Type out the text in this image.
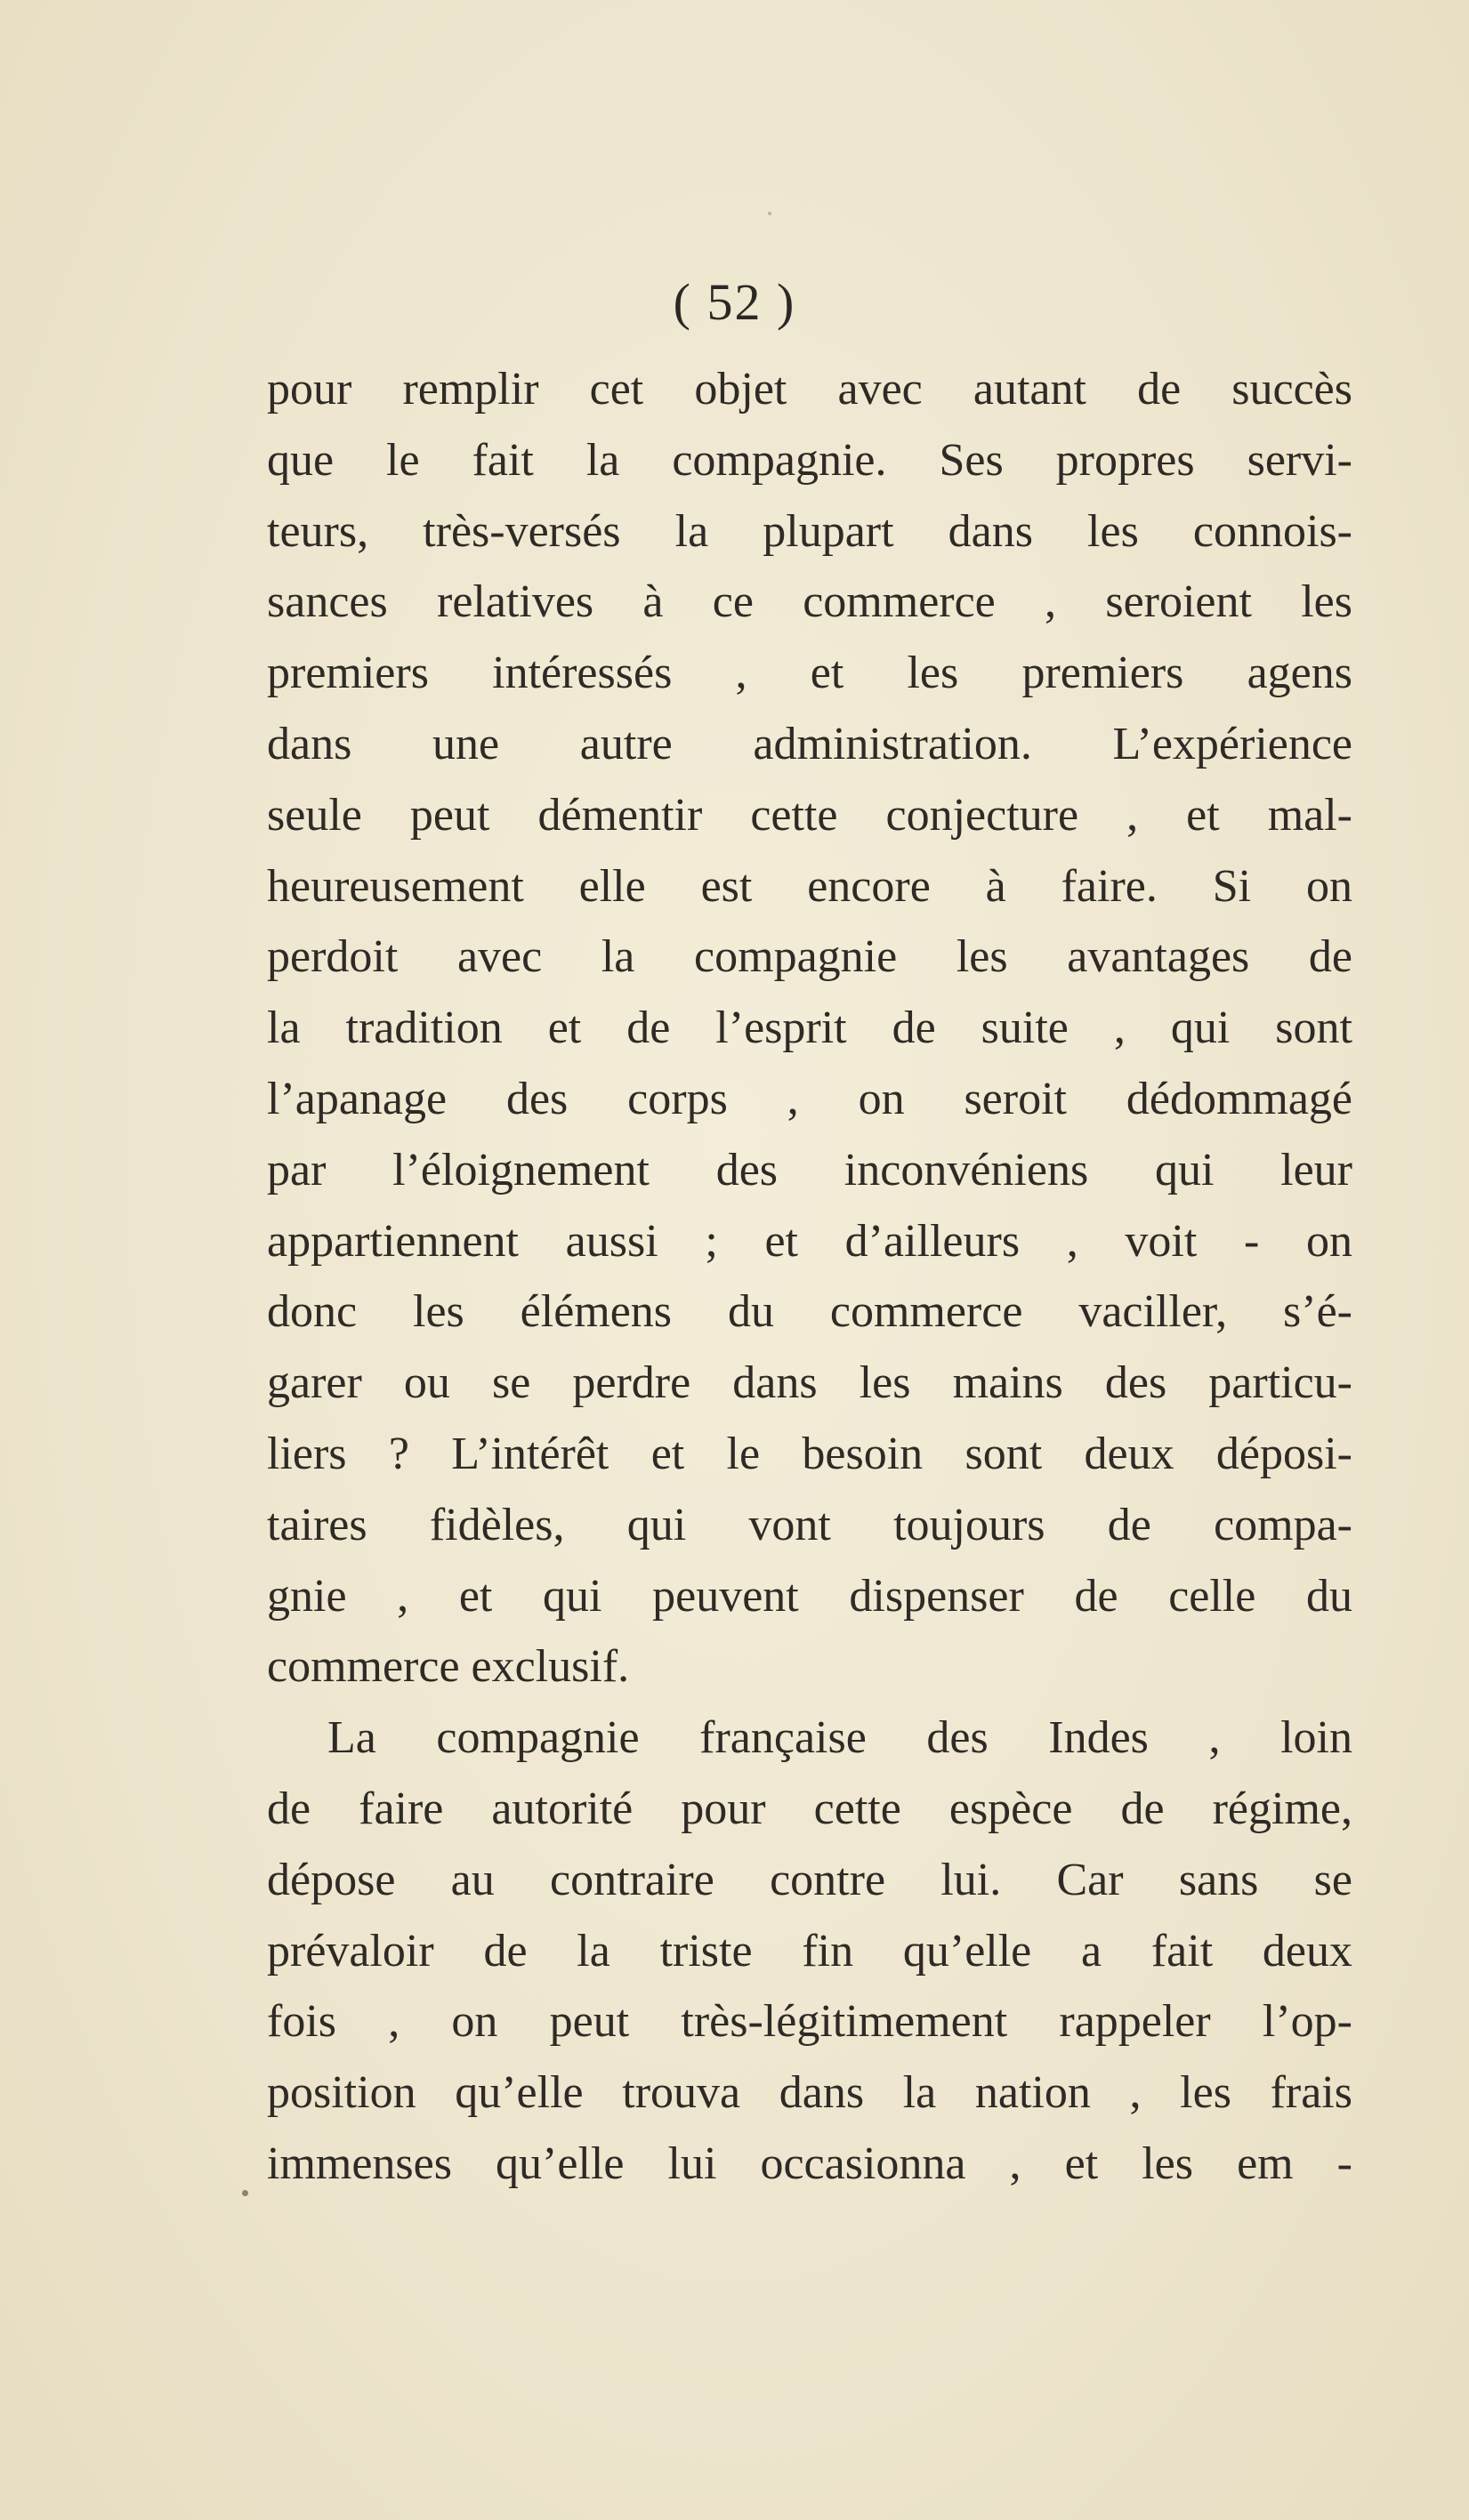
( 52 )
pour remplir cet objet avec autant de succès
que le fait la compagnie. Ses propres servi-
teurs, très-versés la plupart dans les connois-
sances relatives à ce commerce , seroient les
premiers intéressés , et les premiers agens
dans une autre administration. L’expérience
seule peut démentir cette conjecture , et mal-
heureusement elle est encore à faire. Si on
perdoit avec la compagnie les avantages de
la tradition et de l’esprit de suite , qui sont
l’apanage des corps , on seroit dédommagé
par l’éloignement des inconvéniens qui leur
appartiennent aussi ; et d’ailleurs , voit - on
donc les élémens du commerce vaciller, s’é-
garer ou se perdre dans les mains des particu-
liers ? L’intérêt et le besoin sont deux déposi-
taires fidèles, qui vont toujours de compa-
gnie , et qui peuvent dispenser de celle du
commerce exclusif.
La compagnie française des Indes , loin
de faire autorité pour cette espèce de régime,
dépose au contraire contre lui. Car sans se
prévaloir de la triste fin qu’elle a fait deux
fois , on peut très-légitimement rappeler l’op-
position qu’elle trouva dans la nation , les frais
immenses qu’elle lui occasionna , et les em -
